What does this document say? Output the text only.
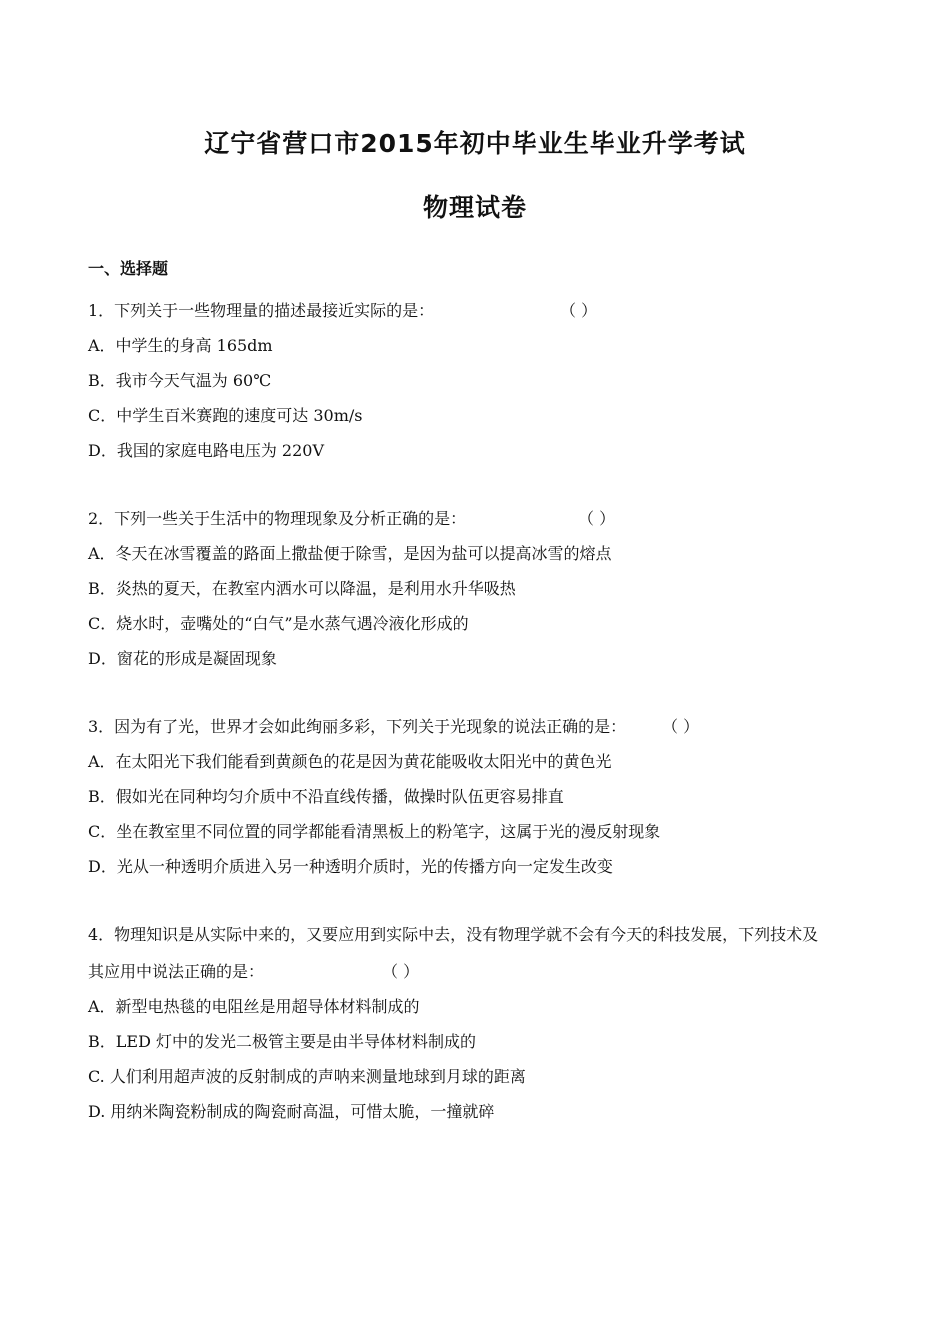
辽宁省营口市2015年初中毕业生毕业升学考试
物理试卷
一、选择题
1．下列关于一些物理量的描述最接近实际的是：	（ ）
A．中学生的身高 165dm
B．我市今天气温为 60℃
C．中学生百米赛跑的速度可达 30m/s
D．我国的家庭电路电压为 220V
2．下列一些关于生活中的物理现象及分析正确的是：	（ ）
A．冬天在冰雪覆盖的路面上撒盐便于除雪，是因为盐可以提高冰雪的熔点
B．炎热的夏天，在教室内洒水可以降温，是利用水升华吸热
C．烧水时，壶嘴处的“白气”是水蒸气遇冷液化形成的
D．窗花的形成是凝固现象
3．因为有了光，世界才会如此绚丽多彩，下列关于光现象的说法正确的是： （ ）
A．在太阳光下我们能看到黄颜色的花是因为黄花能吸收太阳光中的黄色光
B．假如光在同种均匀介质中不沿直线传播，做操时队伍更容易排直
C．坐在教室里不同位置的同学都能看清黑板上的粉笔字，这属于光的漫反射现象
D．光从一种透明介质进入另一种透明介质时，光的传播方向一定发生改变
4．物理知识是从实际中来的，又要应用到实际中去，没有物理学就不会有今天的科技发展，下列技术及
其应用中说法正确的是：	（ ）
A．新型电热毯的电阻丝是用超导体材料制成的
B．LED 灯中的发光二极管主要是由半导体材料制成的
C. 人们利用超声波的反射制成的声呐来测量地球到月球的距离
D. 用纳米陶瓷粉制成的陶瓷耐高温，可惜太脆，一撞就碎
